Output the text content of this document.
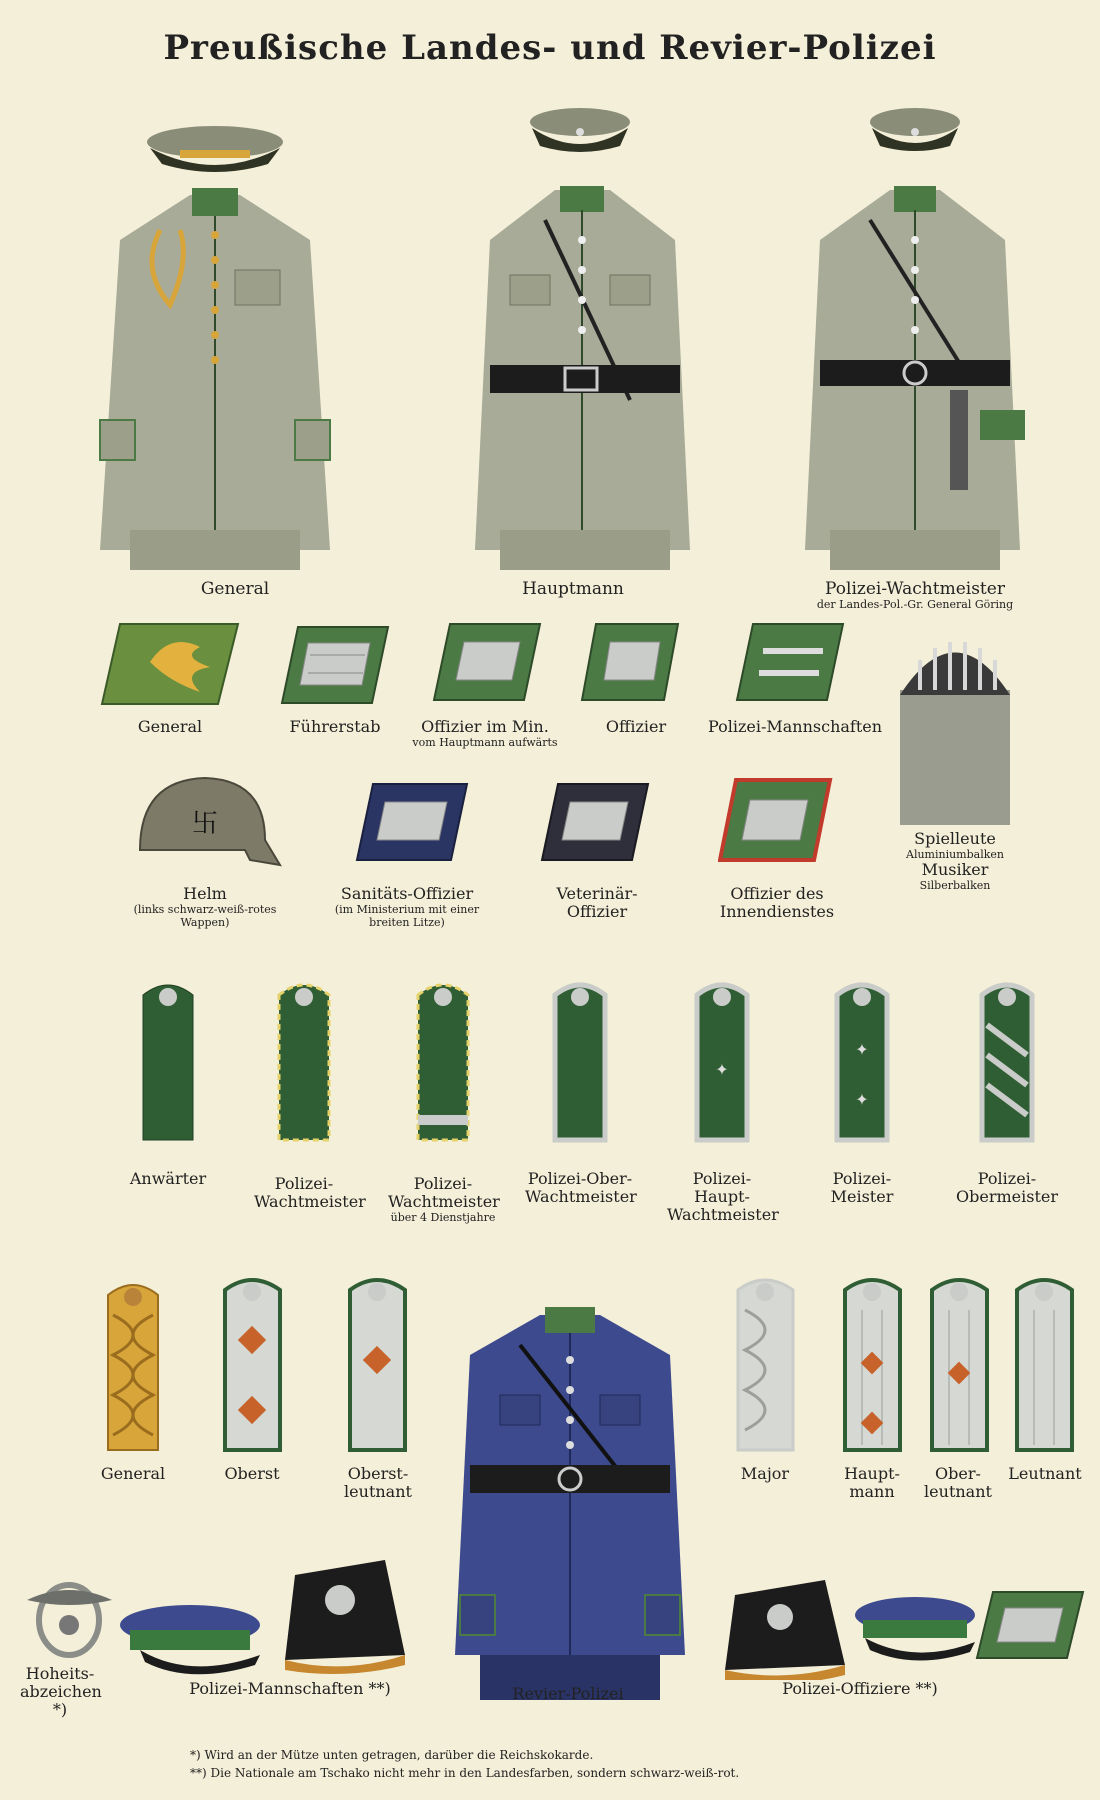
Preußische Landes- und Revier-Polizei
General	Hauptmann	Polizei-Wachtmeister
der Landes-Pol.-Gr. General Göring
General	Führerstab	Offizier im Min.
vom Hauptmann aufwärts
Offizier	Polizei-Mannschaften
Spielleute
Aluminiumbalken
Musiker
Silberbalken
卐
Helm
(links schwarz-weiß-rotes Wappen)
Sanitäts-Offizier
(im Ministerium mit einer breiten Litze)
Veterinär-Offizier
Offizier des Innendienstes
✦
✦
✦
Anwärter	Polizei-Wachtmeister
Polizei-Wachtmeister
über 4 Dienstjahre
Polizei-Ober-Wachtmeister
Polizei-Haupt-Wachtmeister
Polizei-Meister
Polizei-Obermeister
General	Oberst	Oberst-leutnant
Major	Haupt-mann
Ober-leutnant
Leutnant
Hoheits-abzeichen *)
Polizei-Mannschaften **)	Revier-Polizei	Polizei-Offiziere **)
*) Wird an der Mütze unten getragen, darüber die Reichskokarde.
**) Die Nationale am Tschako nicht mehr in den Landesfarben, sondern schwarz-weiß-rot.
